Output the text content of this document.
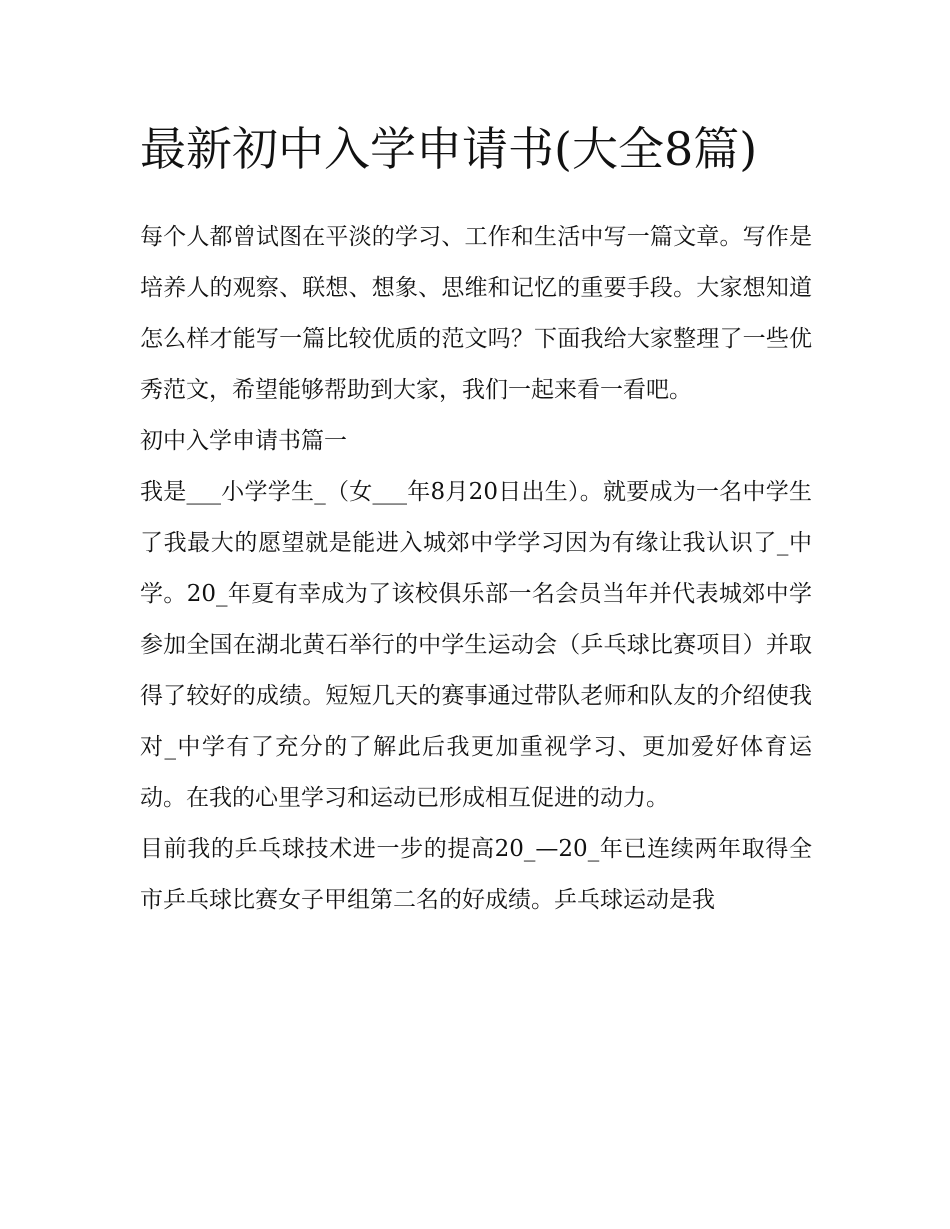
最新初中入学申请书(大全8篇)

每个人都曾试图在平淡的学习、工作和生活中写一篇文章。写作是培养人的观察、联想、想象、思维和记忆的重要手段。大家想知道怎么样才能写一篇比较优质的范文吗？下面我给大家整理了一些优秀范文，希望能够帮助到大家，我们一起来看一看吧。

初中入学申请书篇一

我是___小学学生_（女___年8月20日出生）。就要成为一名中学生了我最大的愿望就是能进入城郊中学学习因为有缘让我认识了_中学。20_年夏有幸成为了该校俱乐部一名会员当年并代表城郊中学参加全国在湖北黄石举行的中学生运动会（乒乓球比赛项目）并取得了较好的成绩。短短几天的赛事通过带队老师和队友的介绍使我对_中学有了充分的了解此后我更加重视学习、更加爱好体育运动。在我的心里学习和运动已形成相互促进的动力。

目前我的乒乓球技术进一步的提高20_—20_年已连续两年取得全市乒乓球比赛女子甲组第二名的好成绩。乒乓球运动是我
